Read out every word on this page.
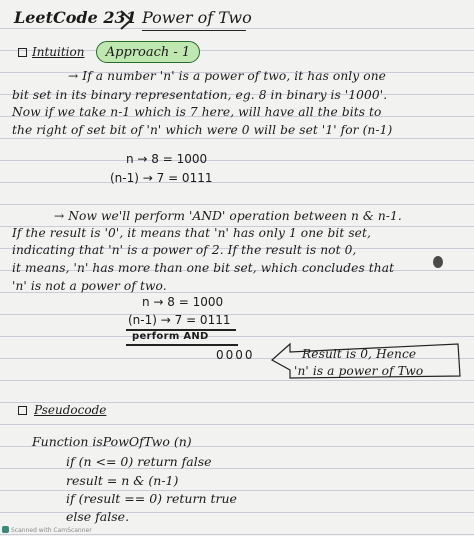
LeetCode 231 Power of Two
Intuition	Approach - 1
→ If a number 'n' is a power of two, it has only one
bit set in its binary representation, eg. 8 in binary is '1000'.
Now if we take n-1 which is 7 here, will have all the bits to
the right of set bit of 'n' which were 0 will be set '1' for (n-1)
n → 8 = 1000
(n-1) → 7 = 0111
→ Now we'll perform 'AND' operation between n & n-1.
If the result is '0', it means that 'n' has only 1 one bit set,
indicating that 'n' is a power of 2. If the result is not 0,
it means, 'n' has more than one bit set, which concludes that
'n' is not a power of two.
n → 8 = 1000
(n-1) → 7 = 0111
perform AND
0000	Result is 0, Hence
'n' is a power of Two
Pseudocode
Function isPowOfTwo (n)
if (n <= 0) return false
result = n & (n-1)
if (result == 0) return true
else false.
Scanned with CamScanner
